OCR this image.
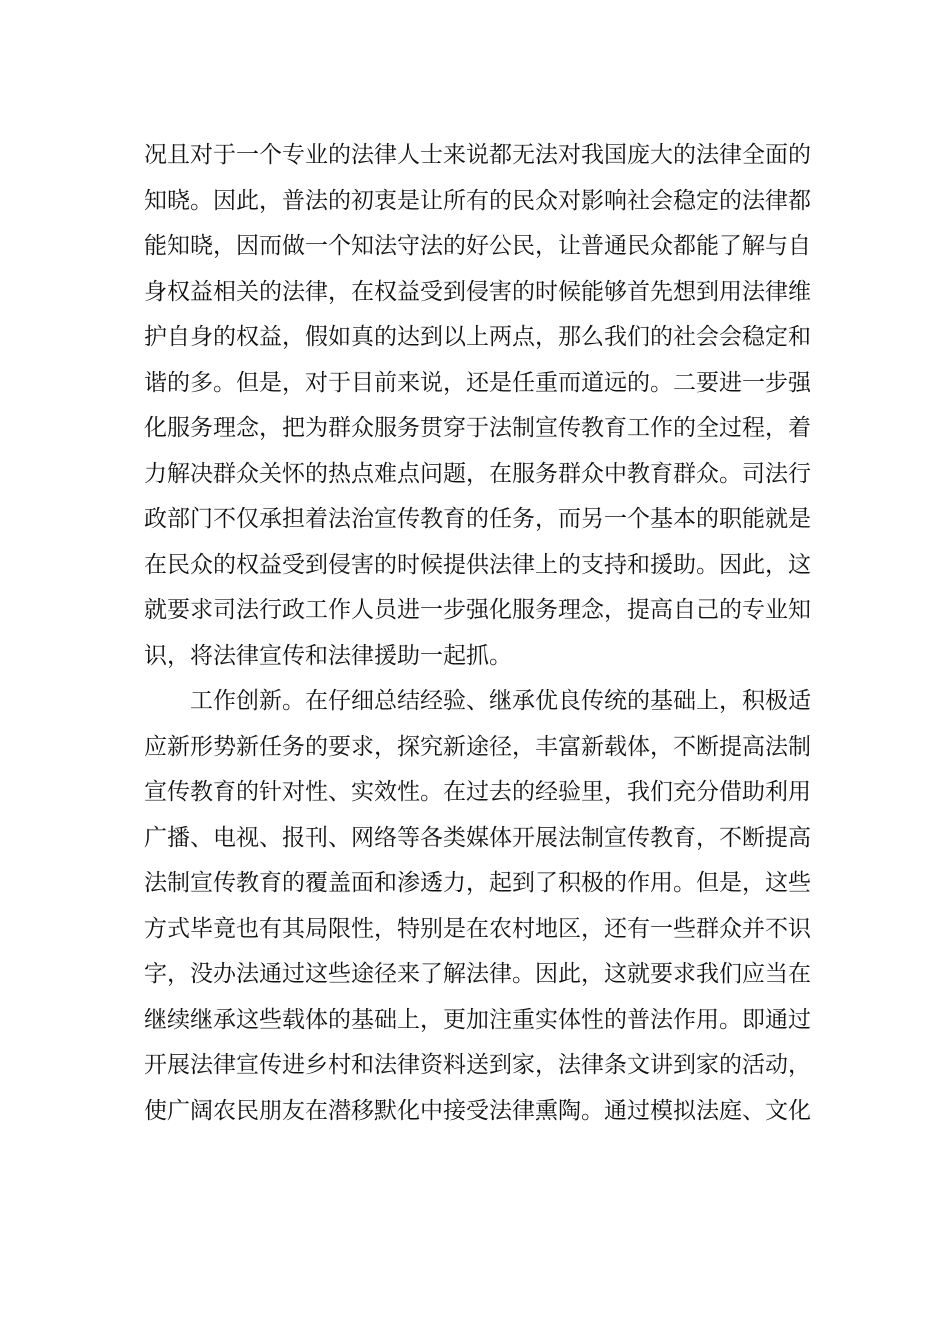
况且对于一个专业的法律人士来说都无法对我国庞大的法律全面的
知晓。因此，普法的初衷是让所有的民众对影响社会稳定的法律都
能知晓，因而做一个知法守法的好公民，让普通民众都能了解与自
身权益相关的法律，在权益受到侵害的时候能够首先想到用法律维
护自身的权益，假如真的达到以上两点，那么我们的社会会稳定和
谐的多。但是，对于目前来说，还是任重而道远的。二要进一步强
化服务理念，把为群众服务贯穿于法制宣传教育工作的全过程，着
力解决群众关怀的热点难点问题，在服务群众中教育群众。司法行
政部门不仅承担着法治宣传教育的任务，而另一个基本的职能就是
在民众的权益受到侵害的时候提供法律上的支持和援助。因此，这
就要求司法行政工作人员进一步强化服务理念，提高自己的专业知
识，将法律宣传和法律援助一起抓。
工作创新。在仔细总结经验、继承优良传统的基础上，积极适
应新形势新任务的要求，探究新途径，丰富新载体，不断提高法制
宣传教育的针对性、实效性。在过去的经验里，我们充分借助利用
广播、电视、报刊、网络等各类媒体开展法制宣传教育，不断提高
法制宣传教育的覆盖面和渗透力，起到了积极的作用。但是，这些
方式毕竟也有其局限性，特别是在农村地区，还有一些群众并不识
字，没办法通过这些途径来了解法律。因此，这就要求我们应当在
继续继承这些载体的基础上，更加注重实体性的普法作用。即通过
开展法律宣传进乡村和法律资料送到家，法律条文讲到家的活动，
使广阔农民朋友在潜移默化中接受法律熏陶。通过模拟法庭、文化
